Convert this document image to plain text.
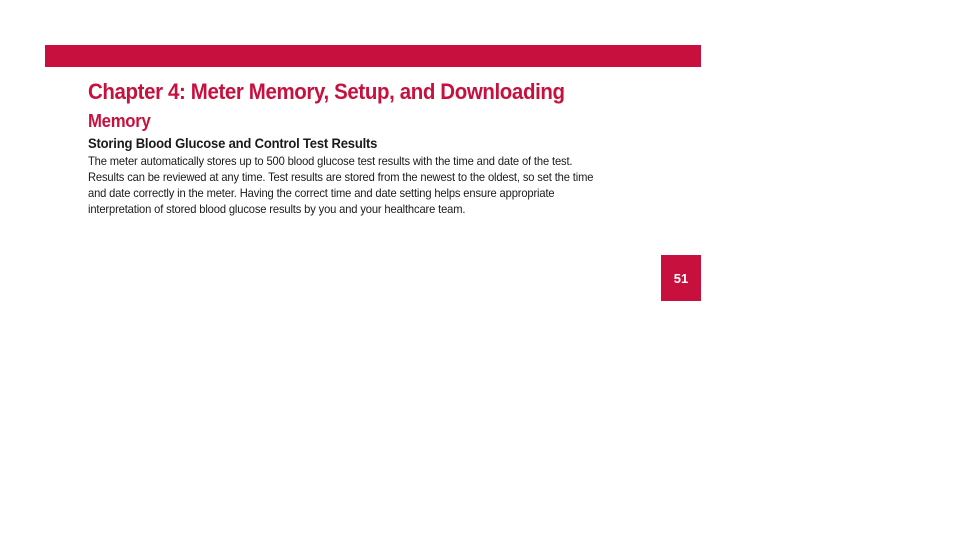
Chapter 4: Meter Memory, Setup, and Downloading
Memory
Storing Blood Glucose and Control Test Results

The meter automatically stores up to 500 blood glucose test results with the time and date of the test.
Results can be reviewed at any time. Test results are stored from the newest to the oldest, so set the time
and date correctly in the meter. Having the correct time and date setting helps ensure appropriate
interpretation of stored blood glucose results by you and your healthcare team.

51
